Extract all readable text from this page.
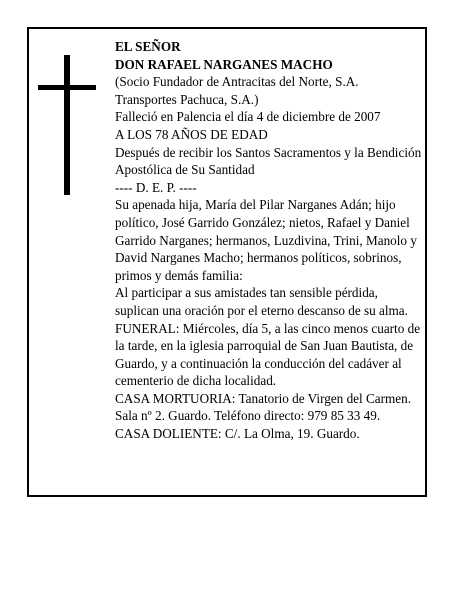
EL SEÑOR

DON RAFAEL NARGANES MACHO

(Socio Fundador de Antracitas del Norte, S.A. Transportes Pachuca, S.A.)

Falleció en Palencia el día 4 de diciembre de 2007

A LOS 78 AÑOS DE EDAD

Después de recibir los Santos Sacramentos y la Bendición Apostólica de Su Santidad

---- D. E. P. ----

Su apenada hija, María del Pilar Narganes Adán; hijo político, José Garrido González; nietos, Rafael y Daniel Garrido Narganes; hermanos, Luzdivina, Trini, Manolo y David Narganes Macho; hermanos políticos, sobrinos, primos y demás familia:

Al participar a sus amistades tan sensible pérdida, suplican una oración por el eterno descanso de su alma.

FUNERAL: Miércoles, día 5, a las cinco menos cuarto de la tarde, en la iglesia parroquial de San Juan Bautista, de Guardo, y a continuación la conducción del cadáver al cementerio de dicha localidad.

CASA MORTUORIA: Tanatorio de Virgen del Carmen. Sala nº 2. Guardo. Teléfono directo: 979 85 33 49.

CASA DOLIENTE: C/. La Olma, 19. Guardo.
